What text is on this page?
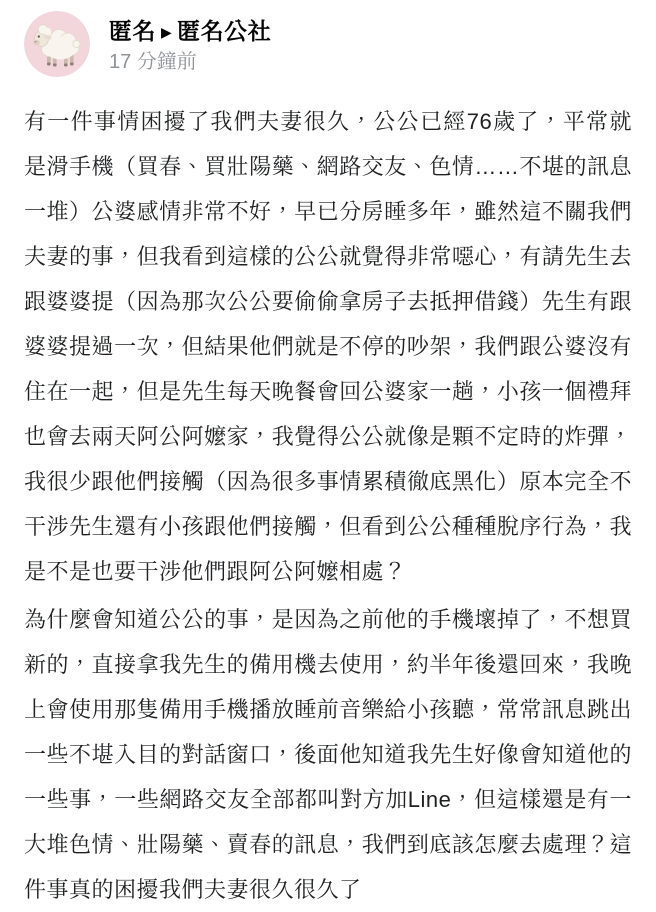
匿名 ▶ 匿名公社
17 分鐘前

有一件事情困擾了我們夫妻很久，公公已經76歲了，平常就是滑手機（買春、買壯陽藥、網路交友、色情……不堪的訊息一堆）公婆感情非常不好，早已分房睡多年，雖然這不關我們夫妻的事，但我看到這樣的公公就覺得非常噁心，有請先生去跟婆婆提（因為那次公公要偷偷拿房子去抵押借錢）先生有跟婆婆提過一次，但結果他們就是不停的吵架，我們跟公婆沒有住在一起，但是先生每天晚餐會回公婆家一趟，小孩一個禮拜也會去兩天阿公阿嬤家，我覺得公公就像是顆不定時的炸彈，我很少跟他們接觸（因為很多事情累積徹底黑化）原本完全不干涉先生還有小孩跟他們接觸，但看到公公種種脫序行為，我是不是也要干涉他們跟阿公阿嬤相處？

為什麼會知道公公的事，是因為之前他的手機壞掉了，不想買新的，直接拿我先生的備用機去使用，約半年後還回來，我晚上會使用那隻備用手機播放睡前音樂給小孩聽，常常訊息跳出一些不堪入目的對話窗口，後面他知道我先生好像會知道他的一些事，一些網路交友全部都叫對方加Line，但這樣還是有一大堆色情、壯陽藥、賣春的訊息，我們到底該怎麼去處理？這件事真的困擾我們夫妻很久很久了
